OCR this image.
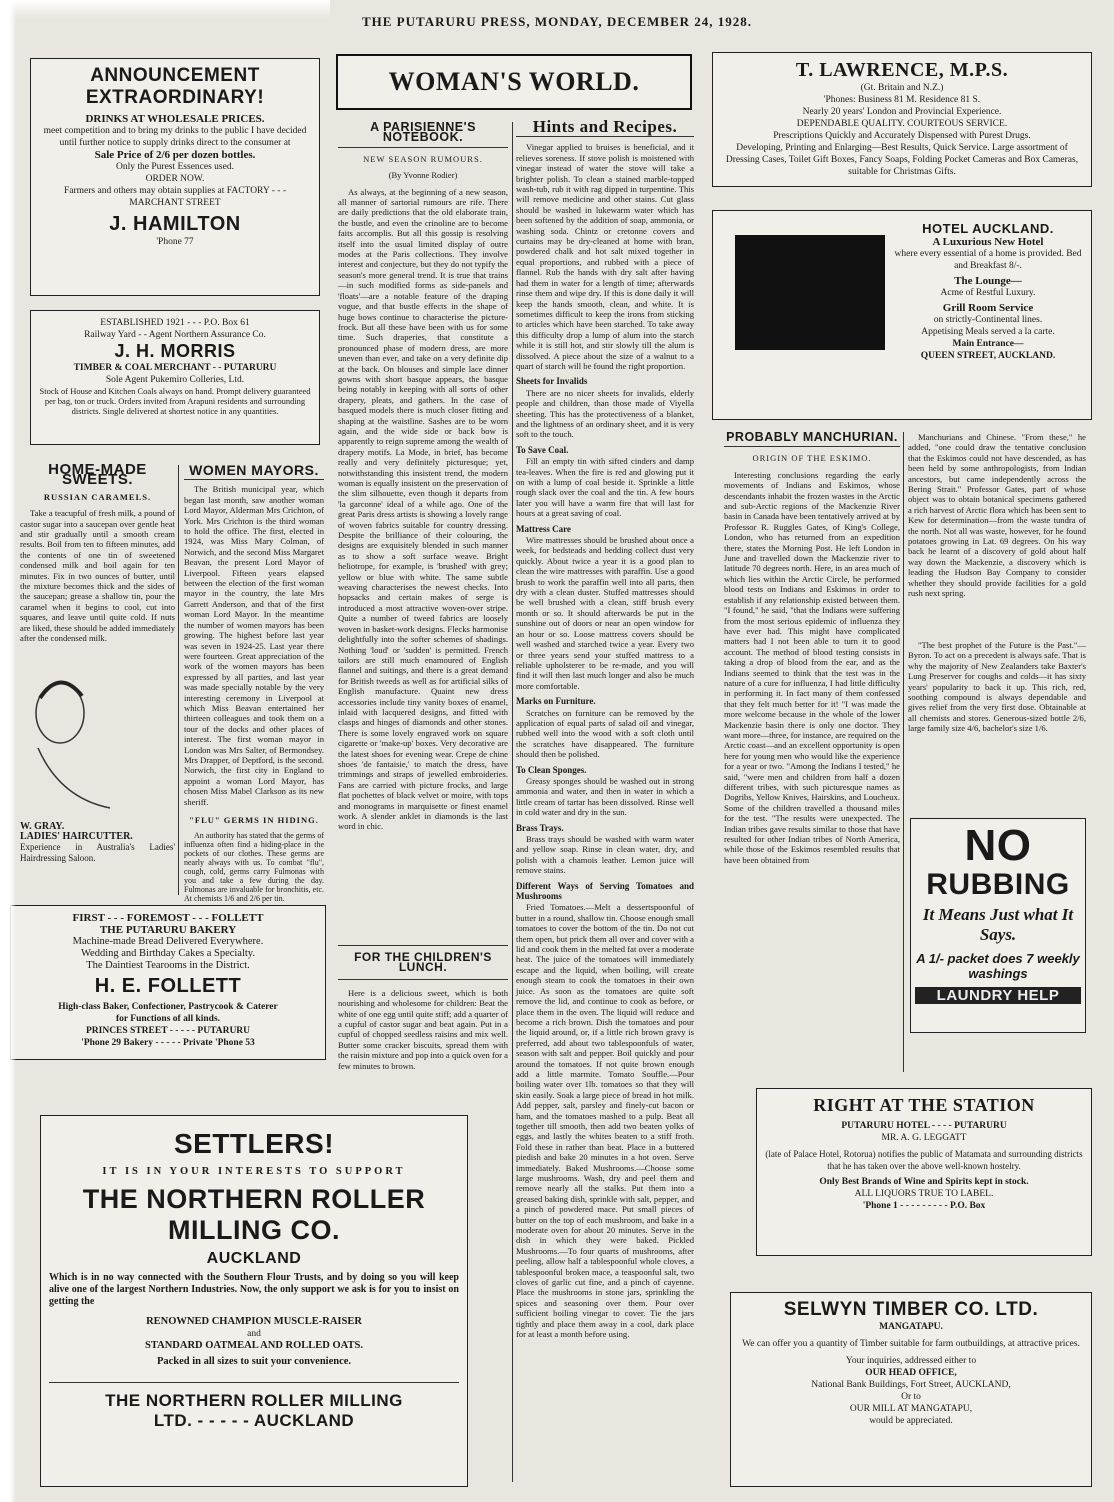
THE PUTARURU PRESS, MONDAY, DECEMBER 24, 1928.
ANNOUNCEMENT
EXTRAORDINARY!
DRINKS AT WHOLESALE PRICES.
meet competition and to bring my drinks to the public I have decided until further notice to supply drinks direct to the consumer at
Sale Price of 2/6 per dozen bottles.
Only the Purest Essences used.
ORDER NOW.
Farmers and others may obtain supplies at FACTORY - - - MARCHANT STREET
J. HAMILTON
'Phone 77
ESTABLISHED 1921 - - - P.O. Box 61
Railway Yard - - Agent Northern Assurance Co.
J. H. MORRIS
TIMBER & COAL MERCHANT - - PUTARURU
Sole Agent Pukemiro Colleries, Ltd.
Stock of House and Kitchen Coals always on hand. Prompt delivery guaranteed per bag, ton or truck. Orders invited from Arapuni residents and surrounding districts. Single delivered at shortest notice in any quantities.
HOME-MADE SWEETS.
RUSSIAN CARAMELS.

Take a teacupful of fresh milk, a pound of castor sugar into a saucepan over gentle heat and stir gradually until a smooth cream results. Boil from ten to fifteen minutes, add the contents of one tin of sweetened condensed milk and boil again for ten minutes. Fix in two ounces of butter, until the mixture becomes thick and the sides of the saucepan; grease a shallow tin, pour the caramel when it begins to cool, cut into squares, and leave until quite cold. If nuts are liked, these should be added immediately after the condensed milk.

W. GRAY.
LADIES' HAIRCUTTER.
Experience in Australia's Ladies' Hairdressing Saloon.
WOMEN MAYORS.

The British municipal year, which began last month, saw another woman Lord Mayor, Alderman Mrs Crichton, of York. Mrs Crichton is the third woman to hold the office. The first, elected in 1924, was Miss Mary Colman, of Norwich, and the second Miss Margaret Beavan, the present Lord Mayor of Liverpool. Fifteen years elapsed between the election of the first woman mayor in the country, the late Mrs Garrett Anderson, and that of the first woman Lord Mayor. In the meantime the number of women mayors has been growing. The highest before last year was seven in 1924-25. Last year there were fourteen. Great appreciation of the work of the women mayors has been expressed by all parties, and last year was made specially notable by the very interesting ceremony in Liverpool at which Miss Beavan entertained her thirteen colleagues and took them on a tour of the docks and other places of interest. The first woman mayor in London was Mrs Salter, of Bermondsey. Mrs Drapper, of Deptford, is the second. Norwich, the first city in England to appoint a woman Lord Mayor, has chosen Miss Mabel Clarkson as its new sheriff.

"FLU" GERMS IN HIDING.

An authority has stated that the germs of influenza often find a hiding-place in the pockets of our clothes. These germs are nearly always with us. To combat "flu", cough, cold, germs carry Fulmonas with you and take a few during the day. Fulmonas are invaluable for bronchitis, etc. At chemists 1/6 and 2/6 per tin.

FIRST - - - FOREMOST - - - FOLLETT
THE PUTARURU BAKERY
Machine-made Bread Delivered Everywhere.
Wedding and Birthday Cakes a Specialty.
The Daintiest Tearooms in the District.
H. E. FOLLETT
High-class Baker, Confectioner, Pastrycook & Caterer
for Functions of all kinds.
PRINCES STREET - - - - - PUTARURU
'Phone 29 Bakery - - - - - Private 'Phone 53
SETTLERS!
IT IS IN YOUR INTERESTS TO SUPPORT
THE NORTHERN ROLLER
MILLING CO.
AUCKLAND
Which is in no way connected with the Southern Flour Trusts, and by doing so you will keep alive one of the largest Northern Industries. Now, the only support we ask is for you to insist on getting the
RENOWNED CHAMPION MUSCLE-RAISER
and
STANDARD OATMEAL AND ROLLED OATS.
Packed in all sizes to suit your convenience.
THE NORTHERN ROLLER MILLING
LTD. - - - - - AUCKLAND
WOMAN'S WORLD.
A PARISIENNE'S NOTEBOOK.
NEW SEASON RUMOURS.
(By Yvonne Rodier)

As always, at the beginning of a new season, all manner of sartorial rumours are rife. There are daily predictions that the old elaborate train, the bustle, and even the crinoline are to become faits accomplis. But all this gossip is resolving itself into the usual limited display of outre modes at the Paris collections. They involve interest and conjecture, but they do not typify the season's more general trend. It is true that trains—in such modified forms as side-panels and 'floats'—are a notable feature of the draping vogue, and that bustle effects in the shape of huge bows continue to characterise the picture-frock. But all these have been with us for some time. Such draperies, that constitute a pronounced phase of modern dress, are more uneven than ever, and take on a very definite dip at the back. On blouses and simple lace dinner gowns with short basque appears, the basque being notably in keeping with all sorts of other drapery, pleats, and gathers. In the case of basqued models there is much closer fitting and shaping at the waistline. Sashes are to be worn again, and the wide side or back bow is apparently to reign supreme among the wealth of drapery motifs. La Mode, in brief, has become really and very definitely picturesque; yet, notwithstanding this insistent trend, the modern woman is equally insistent on the preservation of the slim silhouette, even though it departs from 'la garconne' ideal of a while ago. One of the great Paris dress artists is showing a lovely range of woven fabrics suitable for country dressing. Despite the brilliance of their colouring, the designs are exquisitely blended in such manner as to show a soft surface weave. Bright heliotrope, for example, is 'brushed' with grey; yellow or blue with white. The same subtle weaving characterises the newest checks. Into hopsacks and certain makes of serge is introduced a most attractive woven-over stripe. Quite a number of tweed fabrics are loosely woven in basket-work designs. Flecks harmonise delightfully into the softer schemes of shadings. Nothing 'loud' or 'sudden' is permitted. French tailors are still much enamoured of English flannel and suitings, and there is a great demand for British tweeds as well as for artificial silks of English manufacture. Quaint new dress accessories include tiny vanity boxes of enamel, inlaid with lacquered designs, and fitted with clasps and hinges of diamonds and other stones. There is some lovely engraved work on square cigarette or 'make-up' boxes. Very decorative are the latest shoes for evening wear. Crepe de chine shoes 'de fantaisie,' to match the dress, have trimmings and straps of jewelled embroideries. Fans are carried with picture frocks, and large flat pochettes of black velvet or moire, with tops and monograms in marquisette or finest enamel work. A slender anklet in diamonds is the last word in chic.

FOR THE CHILDREN'S LUNCH.

Here is a delicious sweet, which is both nourishing and wholesome for children: Beat the white of one egg until quite stiff; add a quarter of a cupful of castor sugar and beat again. Put in a cupful of chopped seedless raisins and mix well. Butter some cracker biscuits, spread them with the raisin mixture and pop into a quick oven for a few minutes to brown.

Hints and Recipes.

Vinegar applied to bruises is beneficial, and it relieves soreness. If stove polish is moistened with vinegar instead of water the stove will take a brighter polish. To clean a stained marble-topped wash-tub, rub it with rag dipped in turpentine. This will remove medicine and other stains. Cut glass should be washed in lukewarm water which has been softened by the addition of soap, ammonia, or washing soda. Chintz or cretonne covers and curtains may be dry-cleaned at home with bran, powdered chalk and hot salt mixed together in equal proportions, and rubbed with a piece of flannel. Rub the hands with dry salt after having had them in water for a length of time; afterwards rinse them and wipe dry. If this is done daily it will keep the hands smooth, clean, and white. It is sometimes difficult to keep the irons from sticking to articles which have been starched. To take away this difficulty drop a lump of alum into the starch while it is still hot, and stir slowly till the alum is dissolved. A piece about the size of a walnut to a quart of starch will be found the right proportion.

Sheets for Invalids

There are no nicer sheets for invalids, elderly people and children, than those made of Viyella sheeting. This has the protectiveness of a blanket, and the lightness of an ordinary sheet, and it is very soft to the touch.

To Save Coal.

Fill an empty tin with sifted cinders and damp tea-leaves. When the fire is red and glowing put it on with a lump of coal beside it. Sprinkle a little rough slack over the coal and the tin. A few hours later you will have a warm fire that will last for hours at a great saving of coal.

Mattress Care

Wire mattresses should be brushed about once a week, for bedsteads and bedding collect dust very quickly. About twice a year it is a good plan to clean the wire mattresses with paraffin. Use a good brush to work the paraffin well into all parts, then dry with a clean duster. Stuffed mattresses should be well brushed with a clean, stiff brush every month or so. It should afterwards be put in the sunshine out of doors or near an open window for an hour or so. Loose mattress covers should be well washed and starched twice a year. Every two or three years send your stuffed mattress to a reliable upholsterer to be re-made, and you will find it will then last much longer and also be much more comfortable.

Marks on Furniture.

Scratches on furniture can be removed by the application of equal parts of salad oil and vinegar, rubbed well into the wood with a soft cloth until the scratches have disappeared. The furniture should then be polished.

To Clean Sponges.

Greasy sponges should be washed out in strong ammonia and water, and then in water in which a little cream of tartar has been dissolved. Rinse well in cold water and dry in the sun.

Brass Trays.

Brass trays should be washed with warm water and yellow soap. Rinse in clean water, dry, and polish with a chamois leather. Lemon juice will remove stains.

Different Ways of Serving Tomatoes and Mushrooms

Fried Tomatoes.—Melt a dessertspoonful of butter in a round, shallow tin. Choose enough small tomatoes to cover the bottom of the tin. Do not cut them open, but prick them all over and cover with a lid and cook them in the melted fat over a moderate heat. The juice of the tomatoes will immediately escape and the liquid, when boiling, will create enough steam to cook the tomatoes in their own juice. As soon as the tomatoes are quite soft remove the lid, and continue to cook as before, or place them in the oven. The liquid will reduce and become a rich brown. Dish the tomatoes and pour the liquid around, or, if a little rich brown gravy is preferred, add about two tablespoonfuls of water, season with salt and pepper. Boil quickly and pour around the tomatoes. If not quite brown enough add a little marmite. Tomato Souffle.—Pour boiling water over 1lb. tomatoes so that they will skin easily. Soak a large piece of bread in hot milk. Add pepper, salt, parsley and finely-cut bacon or ham, and the tomatoes mashed to a pulp. Beat all together till smooth, then add two beaten yolks of eggs, and lastly the whites beaten to a stiff froth. Fold these in rather than beat. Place in a buttered piedish and bake 20 minutes in a hot oven. Serve immediately. Baked Mushrooms.—Choose some large mushrooms. Wash, dry and peel them and remove nearly all the stalks. Put them into a greased baking dish, sprinkle with salt, pepper, and a pinch of powdered mace. Put small pieces of butter on the top of each mushroom, and bake in a moderate oven for about 20 minutes. Serve in the dish in which they were baked. Pickled Mushrooms.—To four quarts of mushrooms, after peeling, allow half a tablespoonful whole cloves, a tablespoonful broken mace, a teaspoonful salt, two cloves of garlic cut fine, and a pinch of cayenne. Place the mushrooms in stone jars, sprinkling the spices and seasoning over them. Pour over sufficient boiling vinegar to cover. Tie the jars tightly and place them away in a cool, dark place for at least a month before using.

T. LAWRENCE, M.P.S.
(Gt. Britain and N.Z.)
'Phones: Business 81 M. Residence 81 S.
Nearly 20 years' London and Provincial Experience.
DEPENDABLE QUALITY. COURTEOUS SERVICE.
Prescriptions Quickly and Accurately Dispensed with Purest Drugs.
Developing, Printing and Enlarging—Best Results, Quick Service. Large assortment of Dressing Cases, Toilet Gift Boxes, Fancy Soaps, Folding Pocket Cameras and Box Cameras, suitable for Christmas Gifts.
HOTEL AUCKLAND.
A Luxurious New Hotel
where every essential of a home is provided. Bed and Breakfast 8/-.
The Lounge—
Acme of Restful Luxury.
Grill Room Service
on strictly-Continental lines.
Appetising Meals served a la carte.
Main Entrance—
QUEEN STREET, AUCKLAND.
PROBABLY MANCHURIAN.
ORIGIN OF THE ESKIMO.

Interesting conclusions regarding the early movements of Indians and Eskimos, whose descendants inhabit the frozen wastes in the Arctic and sub-Arctic regions of the Mackenzie River basin in Canada have been tentatively arrived at by Professor R. Ruggles Gates, of King's College, London, who has returned from an expedition there, states the Morning Post. He left London in June and travelled down the Mackenzie river to latitude 70 degrees north. Here, in an area much of which lies within the Arctic Circle, he performed blood tests on Indians and Eskimos in order to establish if any relationship existed between them. "I found," he said, "that the Indians were suffering from the most serious epidemic of influenza they have ever had. This might have complicated matters had I not been able to turn it to good account. The method of blood testing consists in taking a drop of blood from the ear, and as the Indians seemed to think that the test was in the nature of a cure for influenza, I had little difficulty in performing it. In fact many of them confessed that they felt much better for it! "I was made the more welcome because in the whole of the lower Mackenzie basin there is only one doctor. They want more—three, for instance, are required on the Arctic coast—and an excellent opportunity is open here for young men who would like the experience for a year or two. "Among the Indians I tested," he said, "were men and children from half a dozen different tribes, with such picturesque names as Dogribs, Yellow Knives, Hairskins, and Loucheux. Some of the children travelled a thousand miles for the test. "The results were unexpected. The Indian tribes gave results similar to those that have resulted for other Indian tribes of North America, while those of the Eskimos resembled results that have been obtained from

Manchurians and Chinese. "From these," he added, "one could draw the tentative conclusion that the Eskimos could not have descended, as has been held by some anthropologists, from Indian ancestors, but came independently across the Bering Strait." Professor Gates, part of whose object was to obtain botanical specimens gathered a rich harvest of Arctic flora which has been sent to Kew for determination—from the waste tundra of the north. Not all was waste, however, for he found potatoes growing in Lat. 69 degrees. On his way back he learnt of a discovery of gold about half way down the Mackenzie, a discovery which is leading the Hudson Bay Company to consider whether they should provide facilities for a gold rush next spring.

"The best prophet of the Future is the Past."—Byron. To act on a precedent is always safe. That is why the majority of New Zealanders take Baxter's Lung Preserver for coughs and colds—it has sixty years' popularity to back it up. This rich, red, soothing compound is always dependable and gives relief from the very first dose. Obtainable at all chemists and stores. Generous-sized bottle 2/6, large family size 4/6, bachelor's size 1/6.

NO
RUBBING
It Means Just what It Says.
A 1/- packet does 7 weekly washings
LAUNDRY HELP
RIGHT AT THE STATION
PUTARURU HOTEL - - - - PUTARURU
MR. A. G. LEGGATT
(late of Palace Hotel, Rotorua) notifies the public of Matamata and surrounding districts that he has taken over the above well-known hostelry.
Only Best Brands of Wine and Spirits kept in stock.
ALL LIQUORS TRUE TO LABEL.
'Phone 1 - - - - - - - - - P.O. Box
SELWYN TIMBER CO. LTD.
MANGATAPU.
We can offer you a quantity of Timber suitable for farm outbuildings, at attractive prices.
Your inquiries, addressed either to
OUR HEAD OFFICE,
National Bank Buildings, Fort Street, AUCKLAND,
Or to
OUR MILL AT MANGATAPU,
would be appreciated.
